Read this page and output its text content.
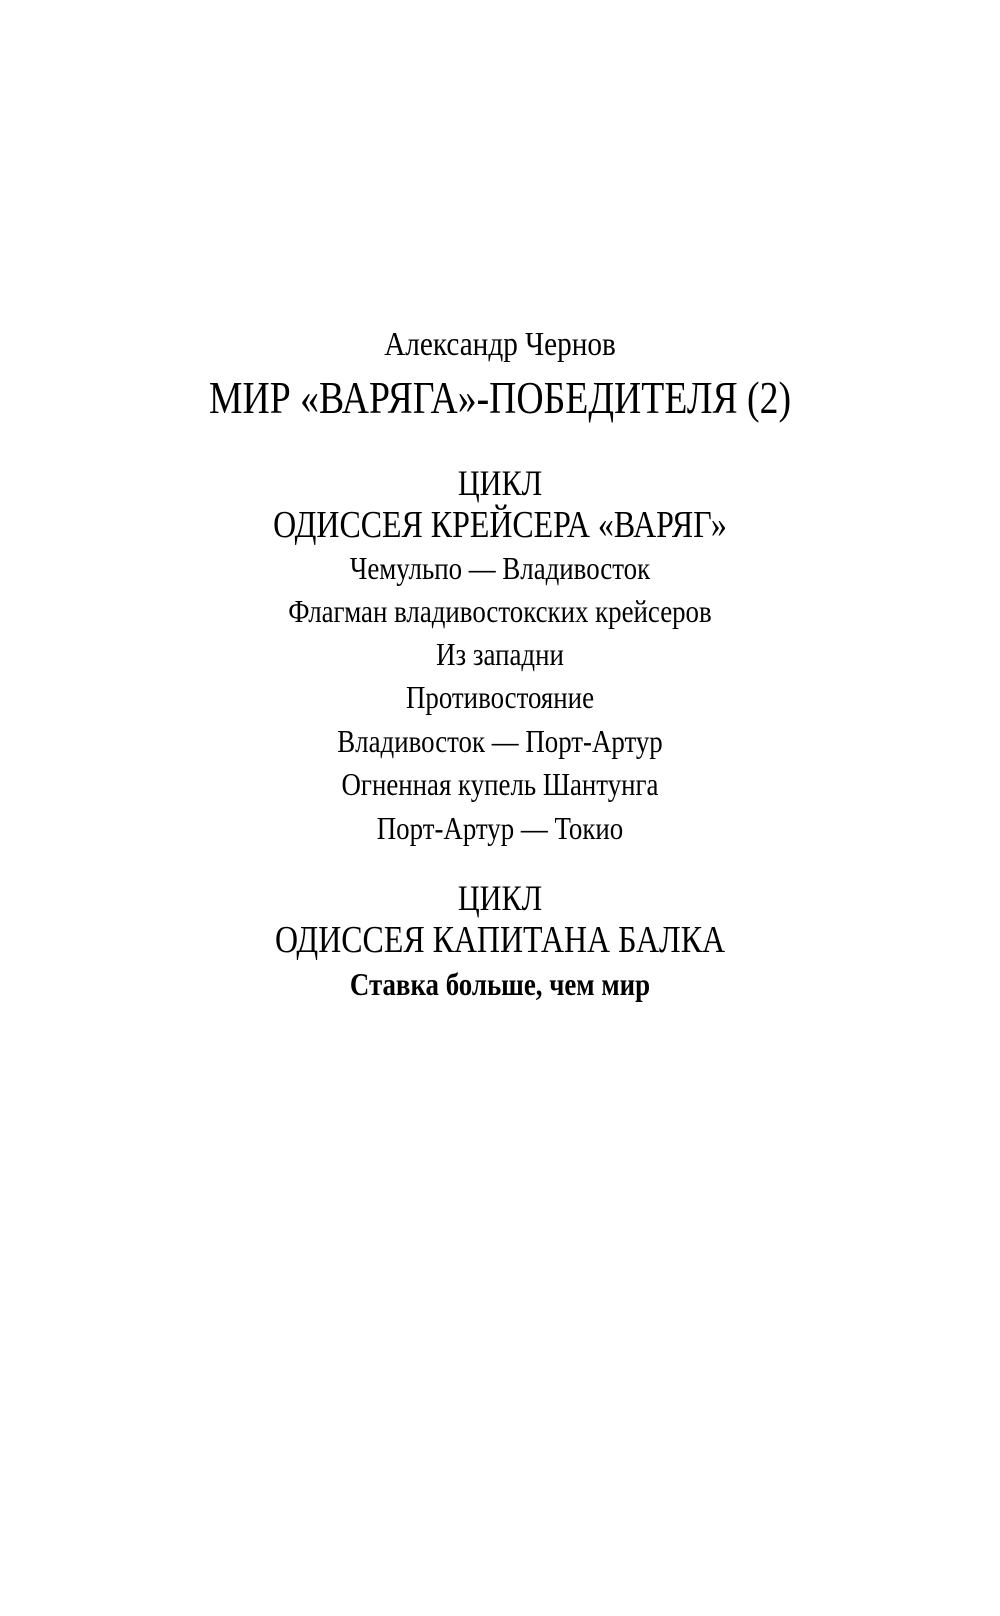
Александр Чернов
МИР «ВАРЯГА»-ПОБЕДИТЕЛЯ (2)
ЦИКЛ
ОДИССЕЯ КРЕЙСЕРА «ВАРЯГ»
Чемульпо — Владивосток
Флагман владивостокских крейсеров
Из западни
Противостояние
Владивосток — Порт-Артур
Огненная купель Шантунга
Порт-Артур — Токио
ЦИКЛ
ОДИССЕЯ КАПИТАНА БАЛКА
Ставка больше, чем мир
